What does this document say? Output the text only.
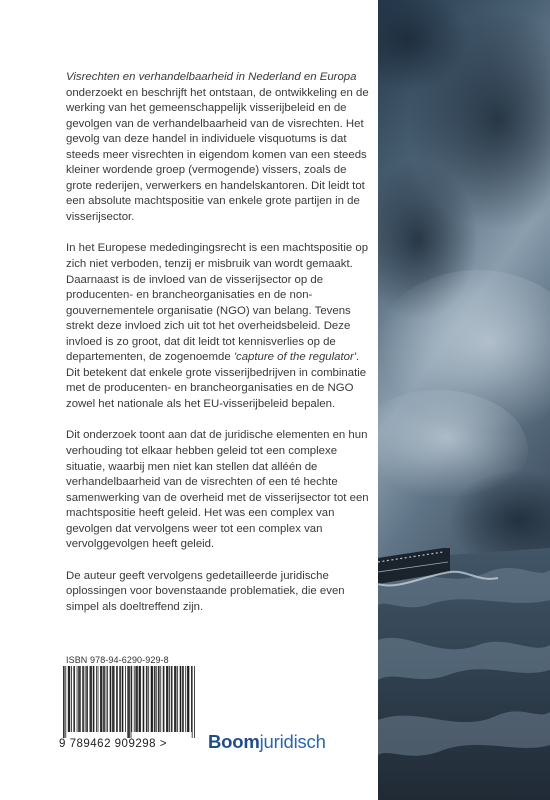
Visrechten en verhandelbaarheid in Nederland en Europa onderzoekt en beschrijft het ontstaan, de ontwikkeling en de werking van het gemeenschappelijk visserijbeleid en de gevolgen van de verhandelbaarheid van de visrechten. Het gevolg van deze handel in individuele visquotums is dat steeds meer visrechten in eigendom komen van een steeds kleiner wordende groep (vermogende) vissers, zoals de grote rederijen, verwerkers en handelskantoren. Dit leidt tot een absolute machtspositie van enkele grote partijen in de visserijsector.

In het Europese mededingingsrecht is een machtspositie op zich niet verboden, tenzij er misbruik van wordt gemaakt. Daarnaast is de invloed van de visserijsector op de producenten- en brancheorganisaties en de non-gouvernementele organisatie (NGO) van belang. Tevens strekt deze invloed zich uit tot het overheidsbeleid. Deze invloed is zo groot, dat dit leidt tot kennisverlies op de departementen, de zogenoemde 'capture of the regulator'. Dit betekent dat enkele grote visserijbedrijven in combinatie met de producenten- en brancheorganisaties en de NGO zowel het nationale als het EU-visserijbeleid bepalen.

Dit onderzoek toont aan dat de juridische elementen en hun verhouding tot elkaar hebben geleid tot een complexe situatie, waarbij men niet kan stellen dat alléén de verhandelbaarheid van de visrechten of een té hechte samenwerking van de overheid met de visserijsector tot een machtspositie heeft geleid. Het was een complex van gevolgen dat vervolgens weer tot een complex van vervolggevolgen heeft geleid.

De auteur geeft vervolgens gedetailleerde juridische oplossingen voor bovenstaande problematiek, die even simpel als doeltreffend zijn.

ISBN 978-94-6290-929-8
9 789462 909298 >	Boomjuridisch
